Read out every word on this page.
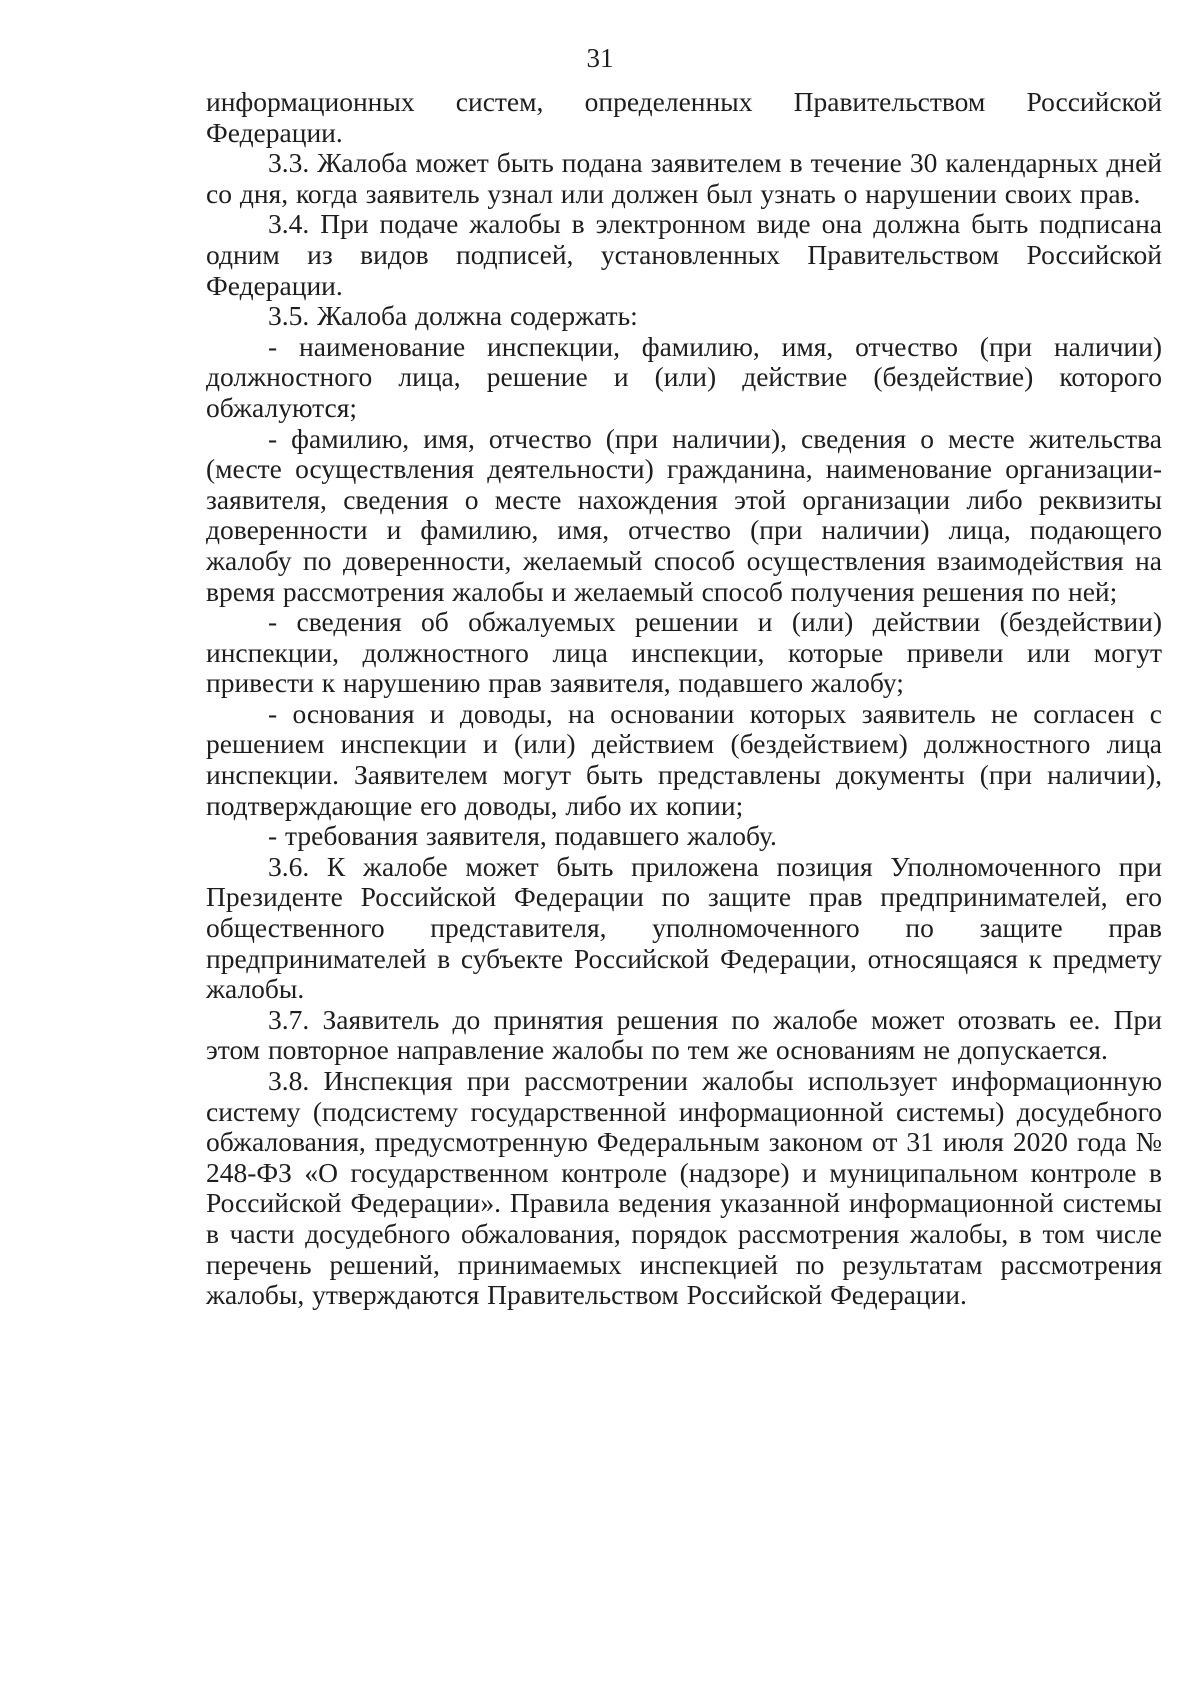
31

информационных систем, определенных Правительством Российской Федерации.

3.3. Жалоба может быть подана заявителем в течение 30 календарных дней со дня, когда заявитель узнал или должен был узнать о нарушении своих прав.

3.4. При подаче жалобы в электронном виде она должна быть подписана одним из видов подписей, установленных Правительством Российской Федерации.

3.5. Жалоба должна содержать:

- наименование инспекции, фамилию, имя, отчество (при наличии) должностного лица, решение и (или) действие (бездействие) которого обжалуются;

- фамилию, имя, отчество (при наличии), сведения о месте жительства (месте осуществления деятельности) гражданина, наименование организации-заявителя, сведения о месте нахождения этой организации либо реквизиты доверенности и фамилию, имя, отчество (при наличии) лица, подающего жалобу по доверенности, желаемый способ осуществления взаимодействия на время рассмотрения жалобы и желаемый способ получения решения по ней;

- сведения об обжалуемых решении и (или) действии (бездействии) инспекции, должностного лица инспекции, которые привели или могут привести к нарушению прав заявителя, подавшего жалобу;

- основания и доводы, на основании которых заявитель не согласен с решением инспекции и (или) действием (бездействием) должностного лица инспекции. Заявителем могут быть представлены документы (при наличии), подтверждающие его доводы, либо их копии;

- требования заявителя, подавшего жалобу.

3.6. К жалобе может быть приложена позиция Уполномоченного при Президенте Российской Федерации по защите прав предпринимателей, его общественного представителя, уполномоченного по защите прав предпринимателей в субъекте Российской Федерации, относящаяся к предмету жалобы.

3.7. Заявитель до принятия решения по жалобе может отозвать ее. При этом повторное направление жалобы по тем же основаниям не допускается.

3.8. Инспекция при рассмотрении жалобы использует информационную систему (подсистему государственной информационной системы) досудебного обжалования, предусмотренную Федеральным законом от 31 июля 2020 года № 248-ФЗ «О государственном контроле (надзоре) и муниципальном контроле в Российской Федерации». Правила ведения указанной информационной системы в части досудебного обжалования, порядок рассмотрения жалобы, в том числе перечень решений, принимаемых инспекцией по результатам рассмотрения жалобы, утверждаются Правительством Российской Федерации.
